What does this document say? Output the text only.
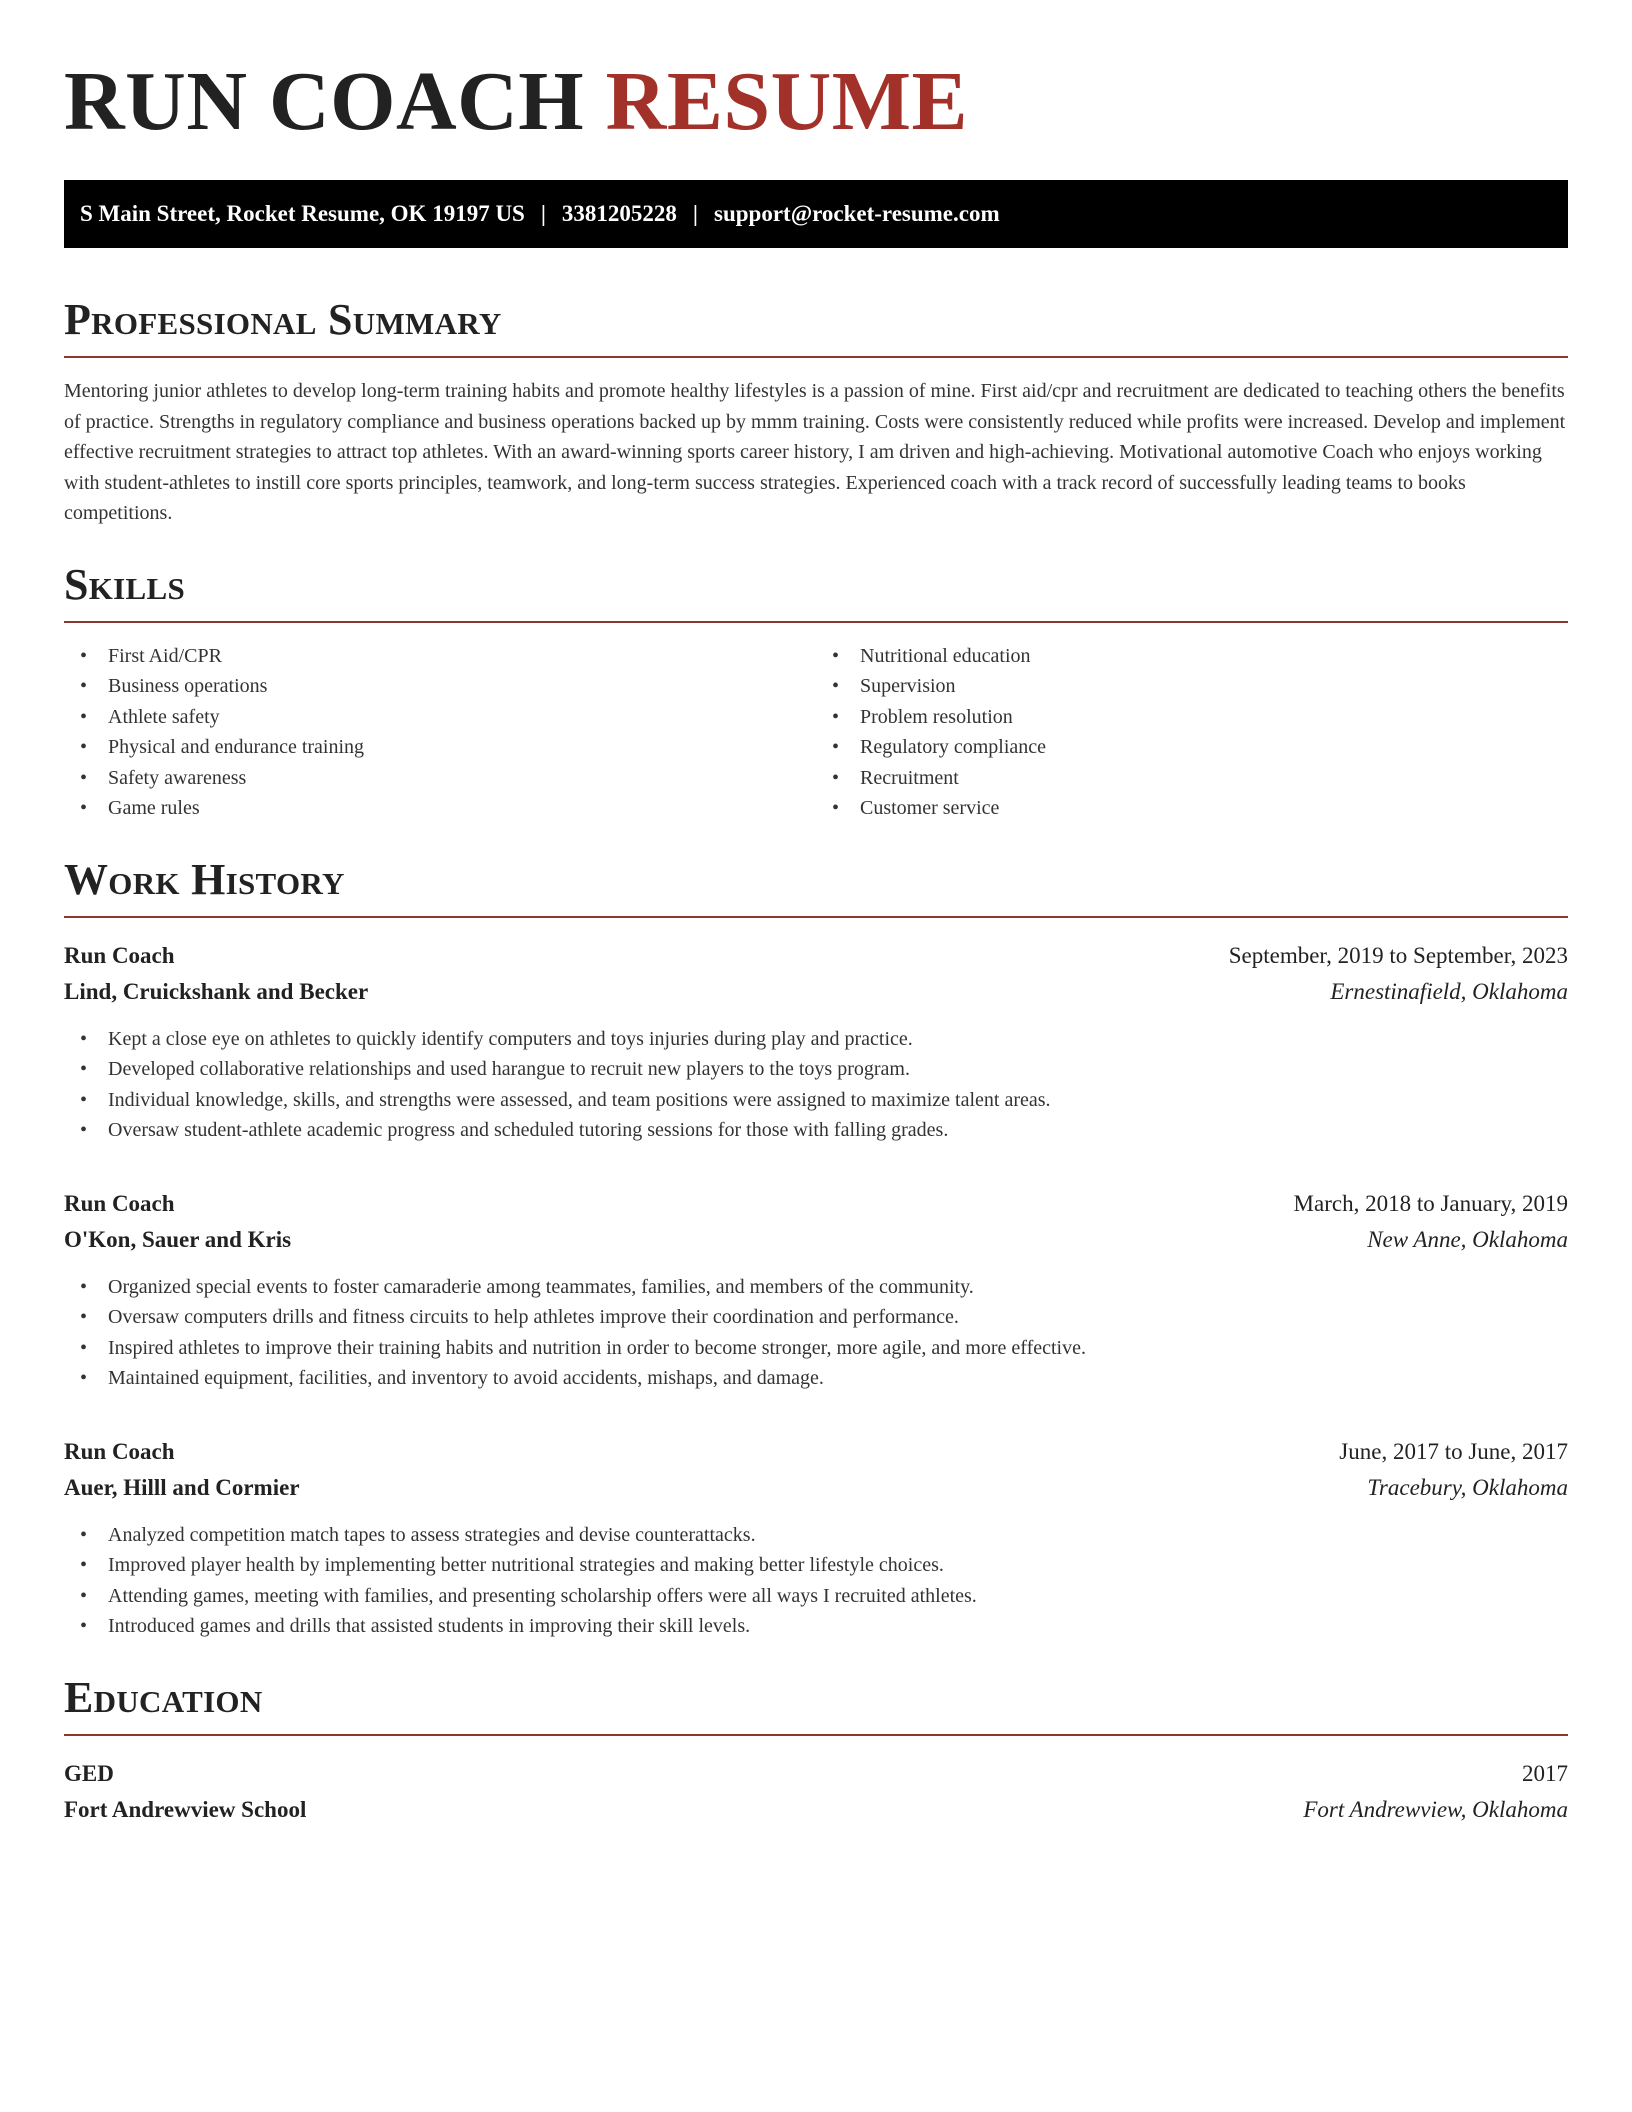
RUN COACH RESUME
S Main Street, Rocket Resume, OK 19197 US | 3381205228 | support@rocket-resume.com
Professional Summary

Mentoring junior athletes to develop long-term training habits and promote healthy lifestyles is a passion of mine. First aid/cpr and recruitment are dedicated to teaching others the benefits of practice. Strengths in regulatory compliance and business operations backed up by mmm training. Costs were consistently reduced while profits were increased. Develop and implement effective recruitment strategies to attract top athletes. With an award-winning sports career history, I am driven and high-achieving. Motivational automotive Coach who enjoys working with student-athletes to instill core sports principles, teamwork, and long-term success strategies. Experienced coach with a track record of successfully leading teams to books competitions.

Skills
• First Aid/CPR
• Business operations
• Athlete safety
• Physical and endurance training
• Safety awareness
• Game rules
• Nutritional education
• Supervision
• Problem resolution
• Regulatory compliance
• Recruitment
• Customer service
Work History
Run Coach	September, 2019 to September, 2023
Lind, Cruickshank and Becker	Ernestinafield, Oklahoma
• Kept a close eye on athletes to quickly identify computers and toys injuries during play and practice.
• Developed collaborative relationships and used harangue to recruit new players to the toys program.
• Individual knowledge, skills, and strengths were assessed, and team positions were assigned to maximize talent areas.
• Oversaw student-athlete academic progress and scheduled tutoring sessions for those with falling grades.
Run Coach	March, 2018 to January, 2019
O'Kon, Sauer and Kris	New Anne, Oklahoma
• Organized special events to foster camaraderie among teammates, families, and members of the community.
• Oversaw computers drills and fitness circuits to help athletes improve their coordination and performance.
• Inspired athletes to improve their training habits and nutrition in order to become stronger, more agile, and more effective.
• Maintained equipment, facilities, and inventory to avoid accidents, mishaps, and damage.
Run Coach	June, 2017 to June, 2017
Auer, Hilll and Cormier	Tracebury, Oklahoma
• Analyzed competition match tapes to assess strategies and devise counterattacks.
• Improved player health by implementing better nutritional strategies and making better lifestyle choices.
• Attending games, meeting with families, and presenting scholarship offers were all ways I recruited athletes.
• Introduced games and drills that assisted students in improving their skill levels.
Education
GED	2017
Fort Andrewview School	Fort Andrewview, Oklahoma
